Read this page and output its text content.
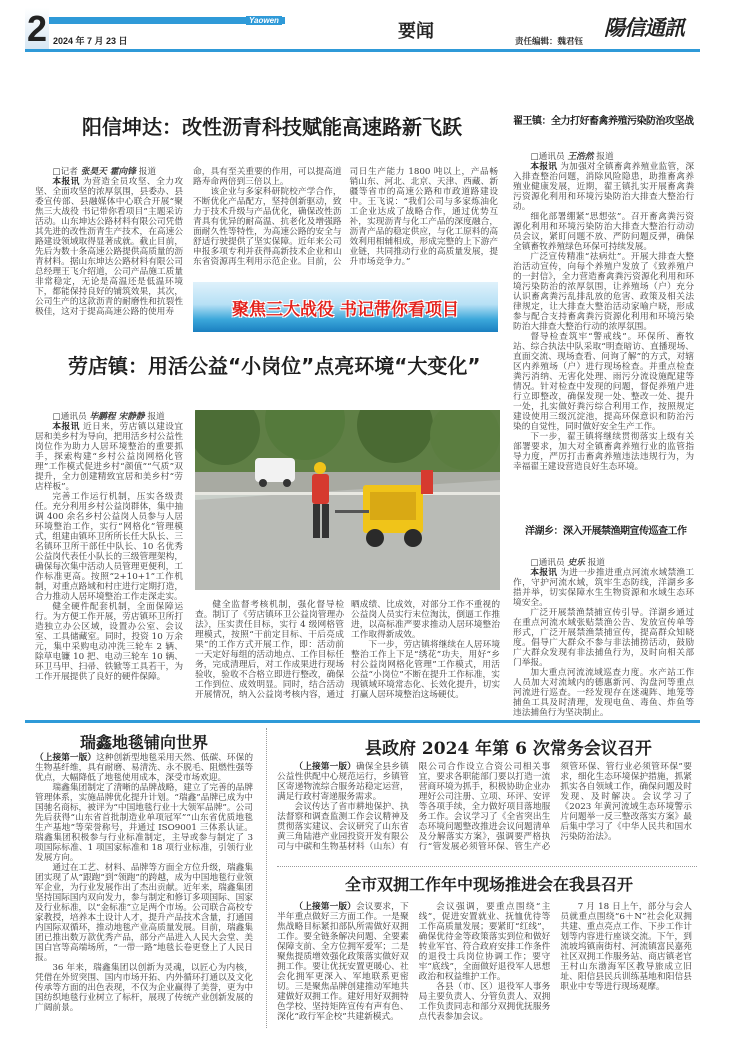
2	Yaowen
2024 年 7 月 23 日	要闻	责任编辑：魏君钰
陽信通訊
阳信坤达：改性沥青科技赋能高速路新飞跃
□记者 张昊天 霍向锋 报道

本报讯 为营造全员攻坚、全力攻坚、全面攻坚的浓厚氛围，县委办、县委宣传部、县融媒体中心联合开展“聚焦三大战役 书记带你看项目”主题采访活动。山东坤达公路材料有限公司凭借其先进的改性沥青生产技术，在高速公路建设领域取得显著成就。截止目前，先后为数十条高速公路提供高质量的沥青材料。据山东坤达公路材料有限公司总经理王飞介绍道，公司产品施工质量非常稳定，无论是高温还是低温环境下，都能保持良好的铺筑效果，其次，公司生产的这款沥青的耐磨性和抗裂性极佳，这对于提高高速公路的使用寿

命，具有至关重要的作用，可以提高道路寿命两倍到三倍以上。

该企业与多家科研院校产学合作，不断优化产品配方，坚持创新驱动，致力于技术升级与产品优化，确保改性沥青具有优异的耐高温、抗老化及增强路面耐久性等特性，为高速公路的安全与舒适行驶提供了坚实保障。近年来公司申报多项专利并获得高新技术企业和山东省资源再生利用示范企业。目前，公司日生产能力 1800 吨以上，产品畅销山东、河北、北京、天津、西藏、新疆等省市的高速公路和市政道路建设中。王飞说：“我们公司与多家炼油化工企业达成了战略合作，通过优势互补，实现沥青与化工产品的深度融合，沥青产品的稳定供应，与化工原料的高效利用相辅相成，形成完整的上下游产业链，共同推动行业的高质量发展，提升市场竞争力。”

聚焦三大战役 书记带你看项目
翟王镇：全力打好畜禽养殖污染防治攻坚战
□通讯员 王浩然 报道

本报讯 为加强对全镇畜禽养殖业监管，深入排查整治问题，消除风险隐患，助推畜禽养殖业健康发展，近期，翟王镇扎实开展畜禽粪污资源化利用和环境污染防治大排查大整治行动。

细化部署绷紧“思想弦”。召开畜禽粪污资源化利用和环境污染防治大排查大整治行动动员会议，紧盯问题不放、严防问题反弹，确保全镇畜牧养殖绿色环保可持续发展。

广泛宣传精准“祛病灶”。开展大排查大整治活动宣传，向每个养殖户发放了《致养殖户的一封信》，全力营造畜禽粪污资源化利用和环境污染防治的浓厚氛围，让养殖场（户）充分认识畜禽粪污乱排乱放的危害、政策及相关法律规定，让大排查大整治活动家喻户晓，形成参与配合支持畜禽粪污资源化利用和环境污染防治大排查大整治行动的浓厚氛围。

督导检查筑牢“警戒线”。环保所、畜牧站、综合执法中队采取“明查暗访、直播现场、直面交流、现场查看、问询了解”的方式，对辖区内养殖场（户）进行现场检查。并重点检查粪污消纳、无害化处理、雨污分流设施配建等情况。针对检查中发现的问题，督促养殖户进行立即整改，确保发现一处、整改一处、提升一处，扎实做好粪污综合利用工作，按照规定建设使用三级沉淀池，提高环保意识和防治污染的自觉性，同时做好安全生产工作。

下一步，翟王镇将继续贯彻落实上级有关部署要求，加大对全镇畜禽养殖行业的监管指导力度，严厉打击畜禽养殖违法违规行为，为幸福翟王建设营造良好生态环境。

洋湖乡：深入开展禁渔期宣传巡查工作
□通讯员 史乐 报道

本报讯 为进一步推进重点河流水域禁渔工作，守护河流水域，筑牢生态防线，洋湖乡多措并举，切实保障水生生物资源和水域生态环境安全。

广泛开展禁渔禁捕宣传引导。洋湖乡通过在重点河流水域张贴禁渔公告、发放宣传单等形式，广泛开展禁渔禁捕宣传，提高群众知晓度。倡导广大群众不参与非法捕捞活动，鼓励广大群众发现有非法捕鱼行为，及时向相关部门举报。

加大重点河流流域巡查力度。水产站工作人员加大对流域内的德惠新河、沟盘河等重点河流进行巡查。一经发现存在迷魂阵、地笼等捕鱼工具及时清理，发现电鱼、毒鱼、炸鱼等违法捕鱼行为坚决制止。

劳店镇：用活公益“小岗位”点亮环境“大变化”
□通讯员 毕鹏程 宋静静 报道

本报讯 近日来，劳店镇以建设宜居和美乡村为导向，把用活乡村公益性岗位作为助力人居环境整治的重要抓手，探索构建“乡村公益岗网格化管理”工作模式促进乡村“颜值”“气质”双提升，全力创建精致宜居和美乡村“劳店样板”。

完善工作运行机制，压实各级责任。充分利用乡村公益岗群体，集中抽调 400 余名乡村公益岗人员参与人居环境整治工作，实行“网格化”管理模式，组建由镇环卫所所长任大队长、三名镇环卫所干部任中队长、10 名优秀公益岗代表任小队长的三级管理架构，确保每次集中活动人员管理更便利，工作标准更高。按照“2+10+1”工作机制，对重点路域和村庄进行定期打造，合力推动人居环境整治工作走深走实。

健全硬件配套机制，全面保障运行。为方便工作开展，劳店镇环卫所打造独立办公区域，设置办公室、会议室、工具储藏室。同时，投资 10 万余元，集中采购电动冲洗三轮车 2 辆、除草电镰 10 把、电动三轮车 10 辆、环卫马甲、扫帚、铁锨等工具若干，为工作开展提供了良好的硬件保障。

健全监督考核机制，强化督导检查。制订了《劳店镇环卫公益岗管理办法》，压实责任目标，实行 4 级网格管理模式，按照“干前定目标、干后亮成果”的工作方式开展工作，即：活动前一天定好每组的活动地点、工作目标任务，完成清理后，对工作成果进行现场验收，验收不合格立即进行整改，确保工作到位、成效明显。同时，结合活动开展情况，纳入公益岗考核内容，通过晒成绩、比成效，对部分工作不重视的公益岗人员实行末位淘汰，倒逼工作推进，以高标准严要求推动人居环境整治工作取得新成效。

下一步，劳店镇将继续在人居环境整治工作上下足“绣花”功夫，用好“乡村公益岗网格化管理”工作模式，用活公益“小岗位”不断在提升工作标准，实现镇域环境常态化、长效化提升，切实打赢人居环境整治这场硬仗。

瑞鑫地毯铺向世界

（上接第一版）这种创新型地毯采用天然、低碳、环保的生物基纤维，具有耐磨、易清洗、永不脱毛、阻燃性强等优点，大幅降低了地毯使用成本，深受市场欢迎。

瑞鑫集团制定了清晰的品牌战略，建立了完善的品牌管理体系，实施品牌优化提升计划。“瑞鑫”品牌已成为中国驰名商标，被评为“中国地毯行业十大领军品牌”。公司先后获得“山东省首批制造业单项冠军”“山东省优质地毯生产基地”等荣誉称号，并通过 ISO9001 三体系认证。瑞鑫集团积极参与行业标准制定，主导或参与制定了 3 项国际标准、1 项国家标准和 18 项行业标准，引领行业发展方向。

通过在工艺、材料、品牌等方面全方位升级，瑞鑫集团实现了从“跟跑”到“领跑”的跨越，成为中国地毯行业领军企业，为行业发展作出了杰出贡献。近年来，瑞鑫集团坚持国际国内双向发力，参与制定和修订多项国际、国家及行业标准，以“金标准”立足两个市场。公司联合高校专家教授，培养本土设计人才，提升产品技术含量，打通国内国际双循环，推动地毯产业高质量发展。目前，瑞鑫集团已推出数万款优秀产品，部分产品进入人民大会堂、美国白宫等高端场所，“一带一路”地毯长卷更登上了人民日报。

36 年来，瑞鑫集团以创新为灵魂，以匠心为内核，凭借在外贸突围、国内市场开拓、内外循环打通以及文化传承等方面的出色表现，不仅为企业赢得了美誉，更为中国纺织地毯行业树立了标杆，展现了传统产业创新发展的广阔前景。

县政府 2024 年第 6 次常务会议召开

（上接第一版）确保全县乡镇公益性供配中心规范运行，乡镇管区寄递物流综合服务站稳定运营，满足行政村寄递服务需求。

会议传达了省市耕地保护、执法督察和调查监测工作会议精神及贯彻落实建议、会议研究了山东省黄三角陆港产业园投资开发有限公司与中碳和生物基材料（山东）有限公司合作设立合资公司相关事宜，要求各职能部门要以打造一流营商环境为抓手，积极协助企业办理好公司注册、立项、环评、安评等各项手续，全力做好项目落地服务工作。会议学习了《全省突出生态环境问题整改推进会议问题清单及分解落实方案》，强调要严格执行“管发展必须管环保、管生产必须管环保、管行业必须管环保”要求，细化生态环境保护措施，抓紧抓实各自领域工作，确保问题及时发现、及时解决。会议学习了《2023 年黄河流域生态环境警示片问题举一反三整改落实方案》最后集中学习了《中华人民共和国水污染防治法》。

全市双拥工作年中现场推进会在我县召开

（上接第一版）会议要求，下半年重点做好三方面工作。一是聚焦战略目标紧扣部队所需做好双拥工作。要全链条解决问题、全要素保障支前、全方位拥军爱军；二是聚焦提质增效强化政策落实做好双拥工作。要让优抚安置更暖心、社会化拥军更深入、军地联系更密切。三是聚焦品牌创建推动军地共建做好双拥工作。建好用好双拥特色学校、坚持矩阵宣传有声有色、深化“政行军企校”共建新模式。

会议强调，要重点围绕“主线”，促进安置就业、抚恤优待等工作高质量发展；要紧盯“红线”，确保优待金等政策落实到位和做好转业军官、符合政府安排工作条件的退役士兵岗位协调工作；要守牢“底线”，全面做好退役军人思想政治和权益维护工作。

各县（市、区）退役军人事务局主要负责人、分管负责人、双拥工作负责同志和部分双拥优抚服务点代表参加会议。

7 月 18 日上午，部分与会人员就重点围绕“6＋N”社会化双拥共建、重点亮点工作、下步工作计划等内容进行座谈交流。下午，到流坡坞镇南街村、河流镇富民嘉苑社区双拥工作服务站、商店镇老官王村山东渤海军区教导旅成立旧址、阳信县民兵训练基地和阳信县职业中专等进行现场观摩。
